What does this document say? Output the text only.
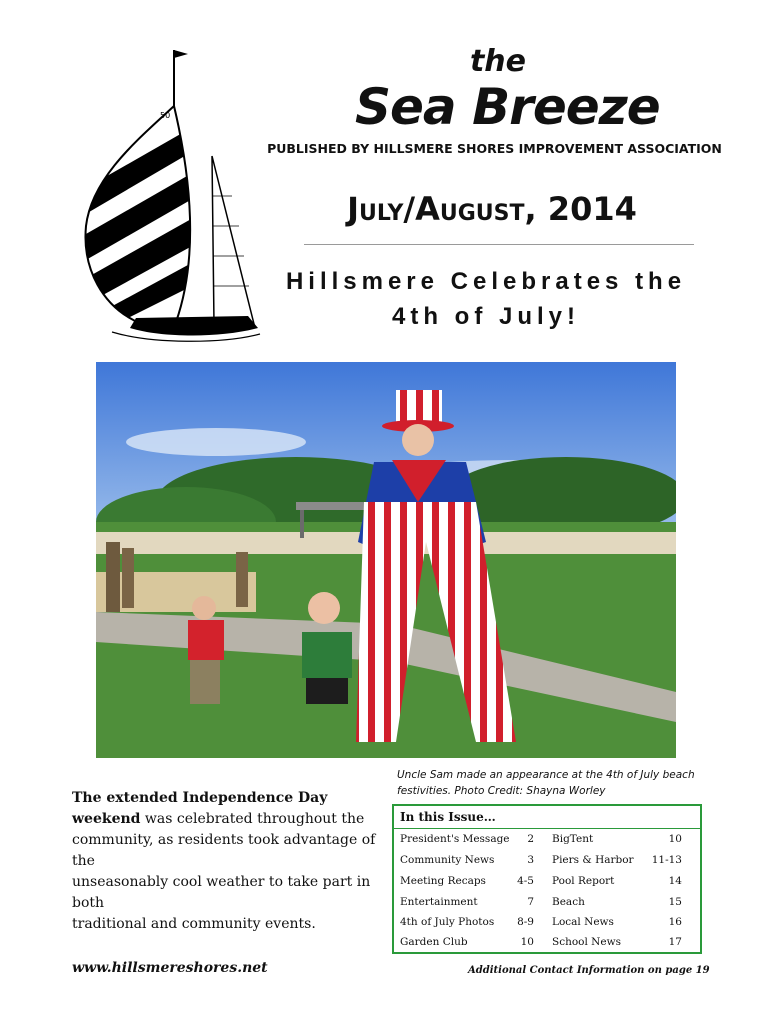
50
the
Sea Breeze
PUBLISHED BY HILLSMERE SHORES IMPROVEMENT ASSOCIATION
July/August, 2014
Hillsmere Celebrates the
4th of July!
Uncle Sam made an appearance at the 4th of July beach
festivities. Photo Credit: Shayna Worley
The extended Independence Day
weekend was celebrated throughout the
community, as residents took advantage of the
unseasonably cool weather to take part in both
traditional and community events.
In this Issue…
President's Message 2 BigTent	10
Community News	3 Piers & Harbor 11-13
Meeting Recaps	4-5 Pool Report	14
Entertainment	7 Beach	15
4th of July Photos 8-9 Local News	16
Garden Club	10 School News	17
www.hillsmereshores.net	Additional Contact Information on page 19
